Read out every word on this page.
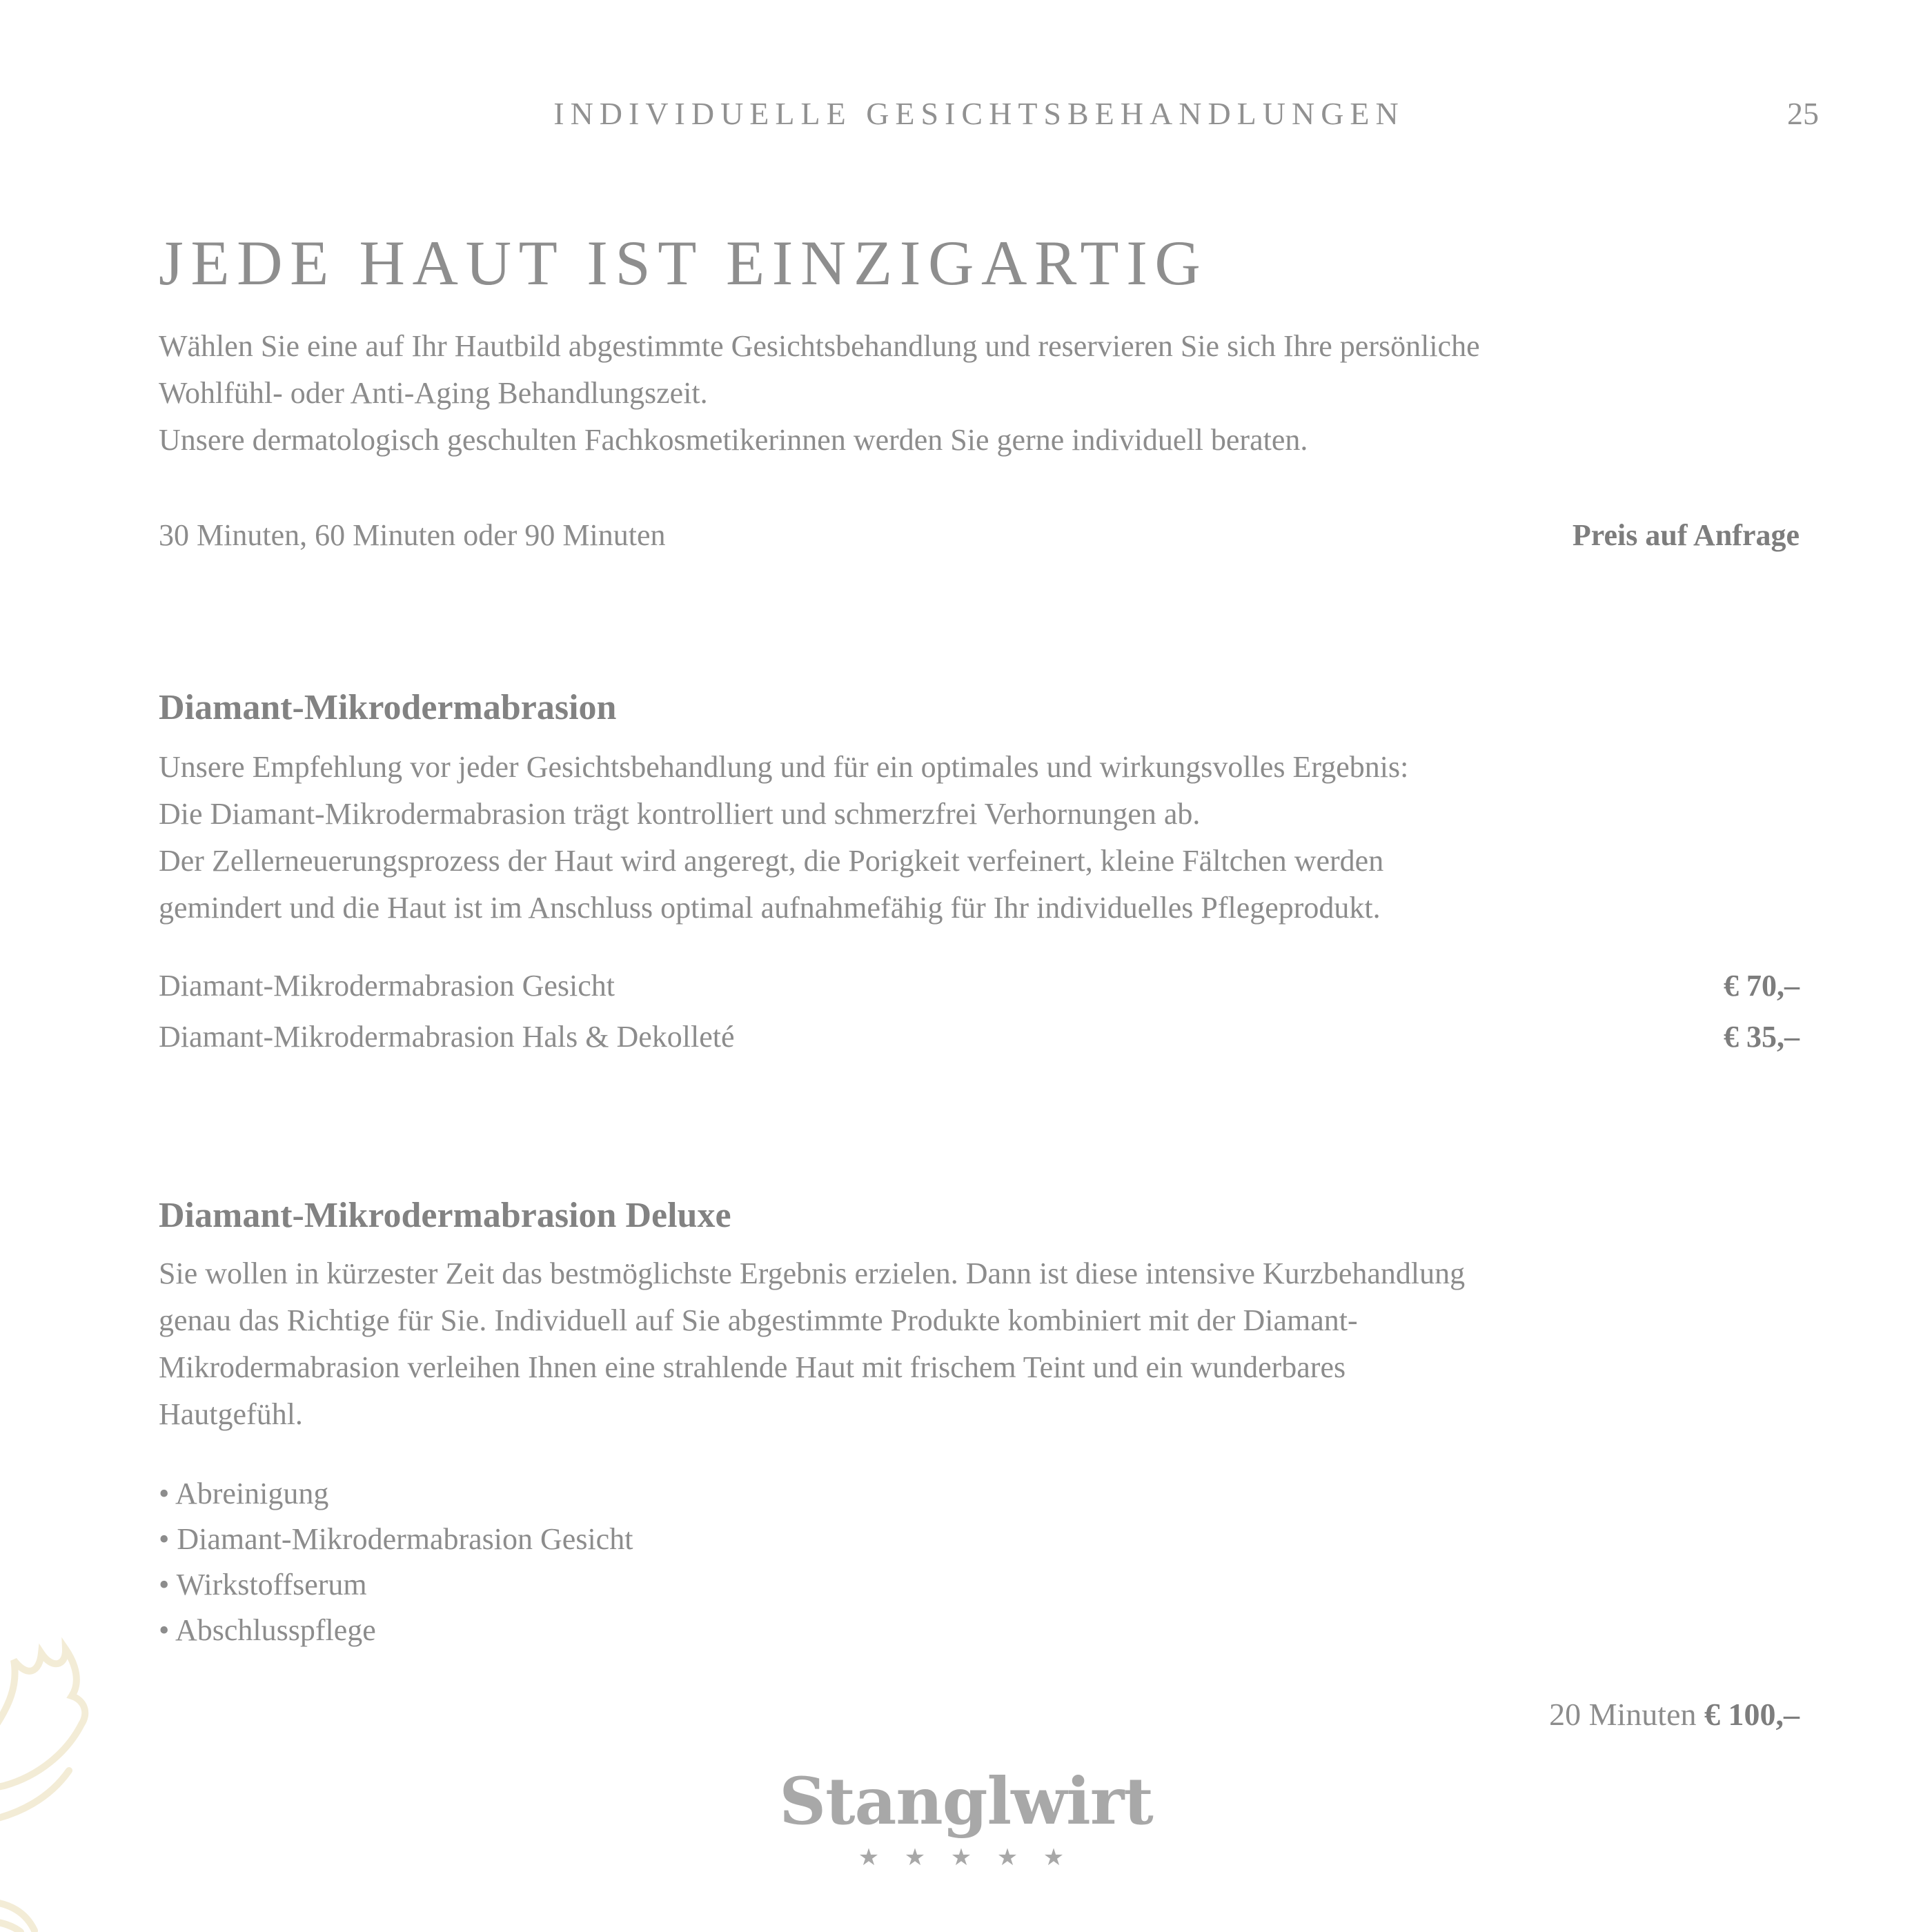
INDIVIDUELLE GESICHTSBEHANDLUNGEN	25
JEDE HAUT IST EINZIGARTIG
Wählen Sie eine auf Ihr Hautbild abgestimmte Gesichtsbehandlung und reservieren Sie sich Ihre persönliche
Wohlfühl- oder Anti-Aging Behandlungszeit.
Unsere dermatologisch geschulten Fachkosmetikerinnen werden Sie gerne individuell beraten.
30 Minuten, 60 Minuten oder 90 Minuten	Preis auf Anfrage
Diamant-Mikrodermabrasion
Unsere Empfehlung vor jeder Gesichtsbehandlung und für ein optimales und wirkungsvolles Ergebnis:
Die Diamant-Mikrodermabrasion trägt kontrolliert und schmerzfrei Verhornungen ab.
Der Zellerneuerungsprozess der Haut wird angeregt, die Porigkeit verfeinert, kleine Fältchen werden
gemindert und die Haut ist im Anschluss optimal aufnahmefähig für Ihr individuelles Pflegeprodukt.
Diamant-Mikrodermabrasion Gesicht	€ 70,–
Diamant-Mikrodermabrasion Hals & Dekolleté	€ 35,–
Diamant-Mikrodermabrasion Deluxe
Sie wollen in kürzester Zeit das bestmöglichste Ergebnis erzielen. Dann ist diese intensive Kurzbehandlung
genau das Richtige für Sie. Individuell auf Sie abgestimmte Produkte kombiniert mit der Diamant-
Mikrodermabrasion verleihen Ihnen eine strahlende Haut mit frischem Teint und ein wunderbares
Hautgefühl.
• Abreinigung
• Diamant-Mikrodermabrasion Gesicht
• Wirkstoffserum
• Abschlusspflege
20 Minuten € 100,–
Stanglwirt
★ ★ ★ ★ ★
